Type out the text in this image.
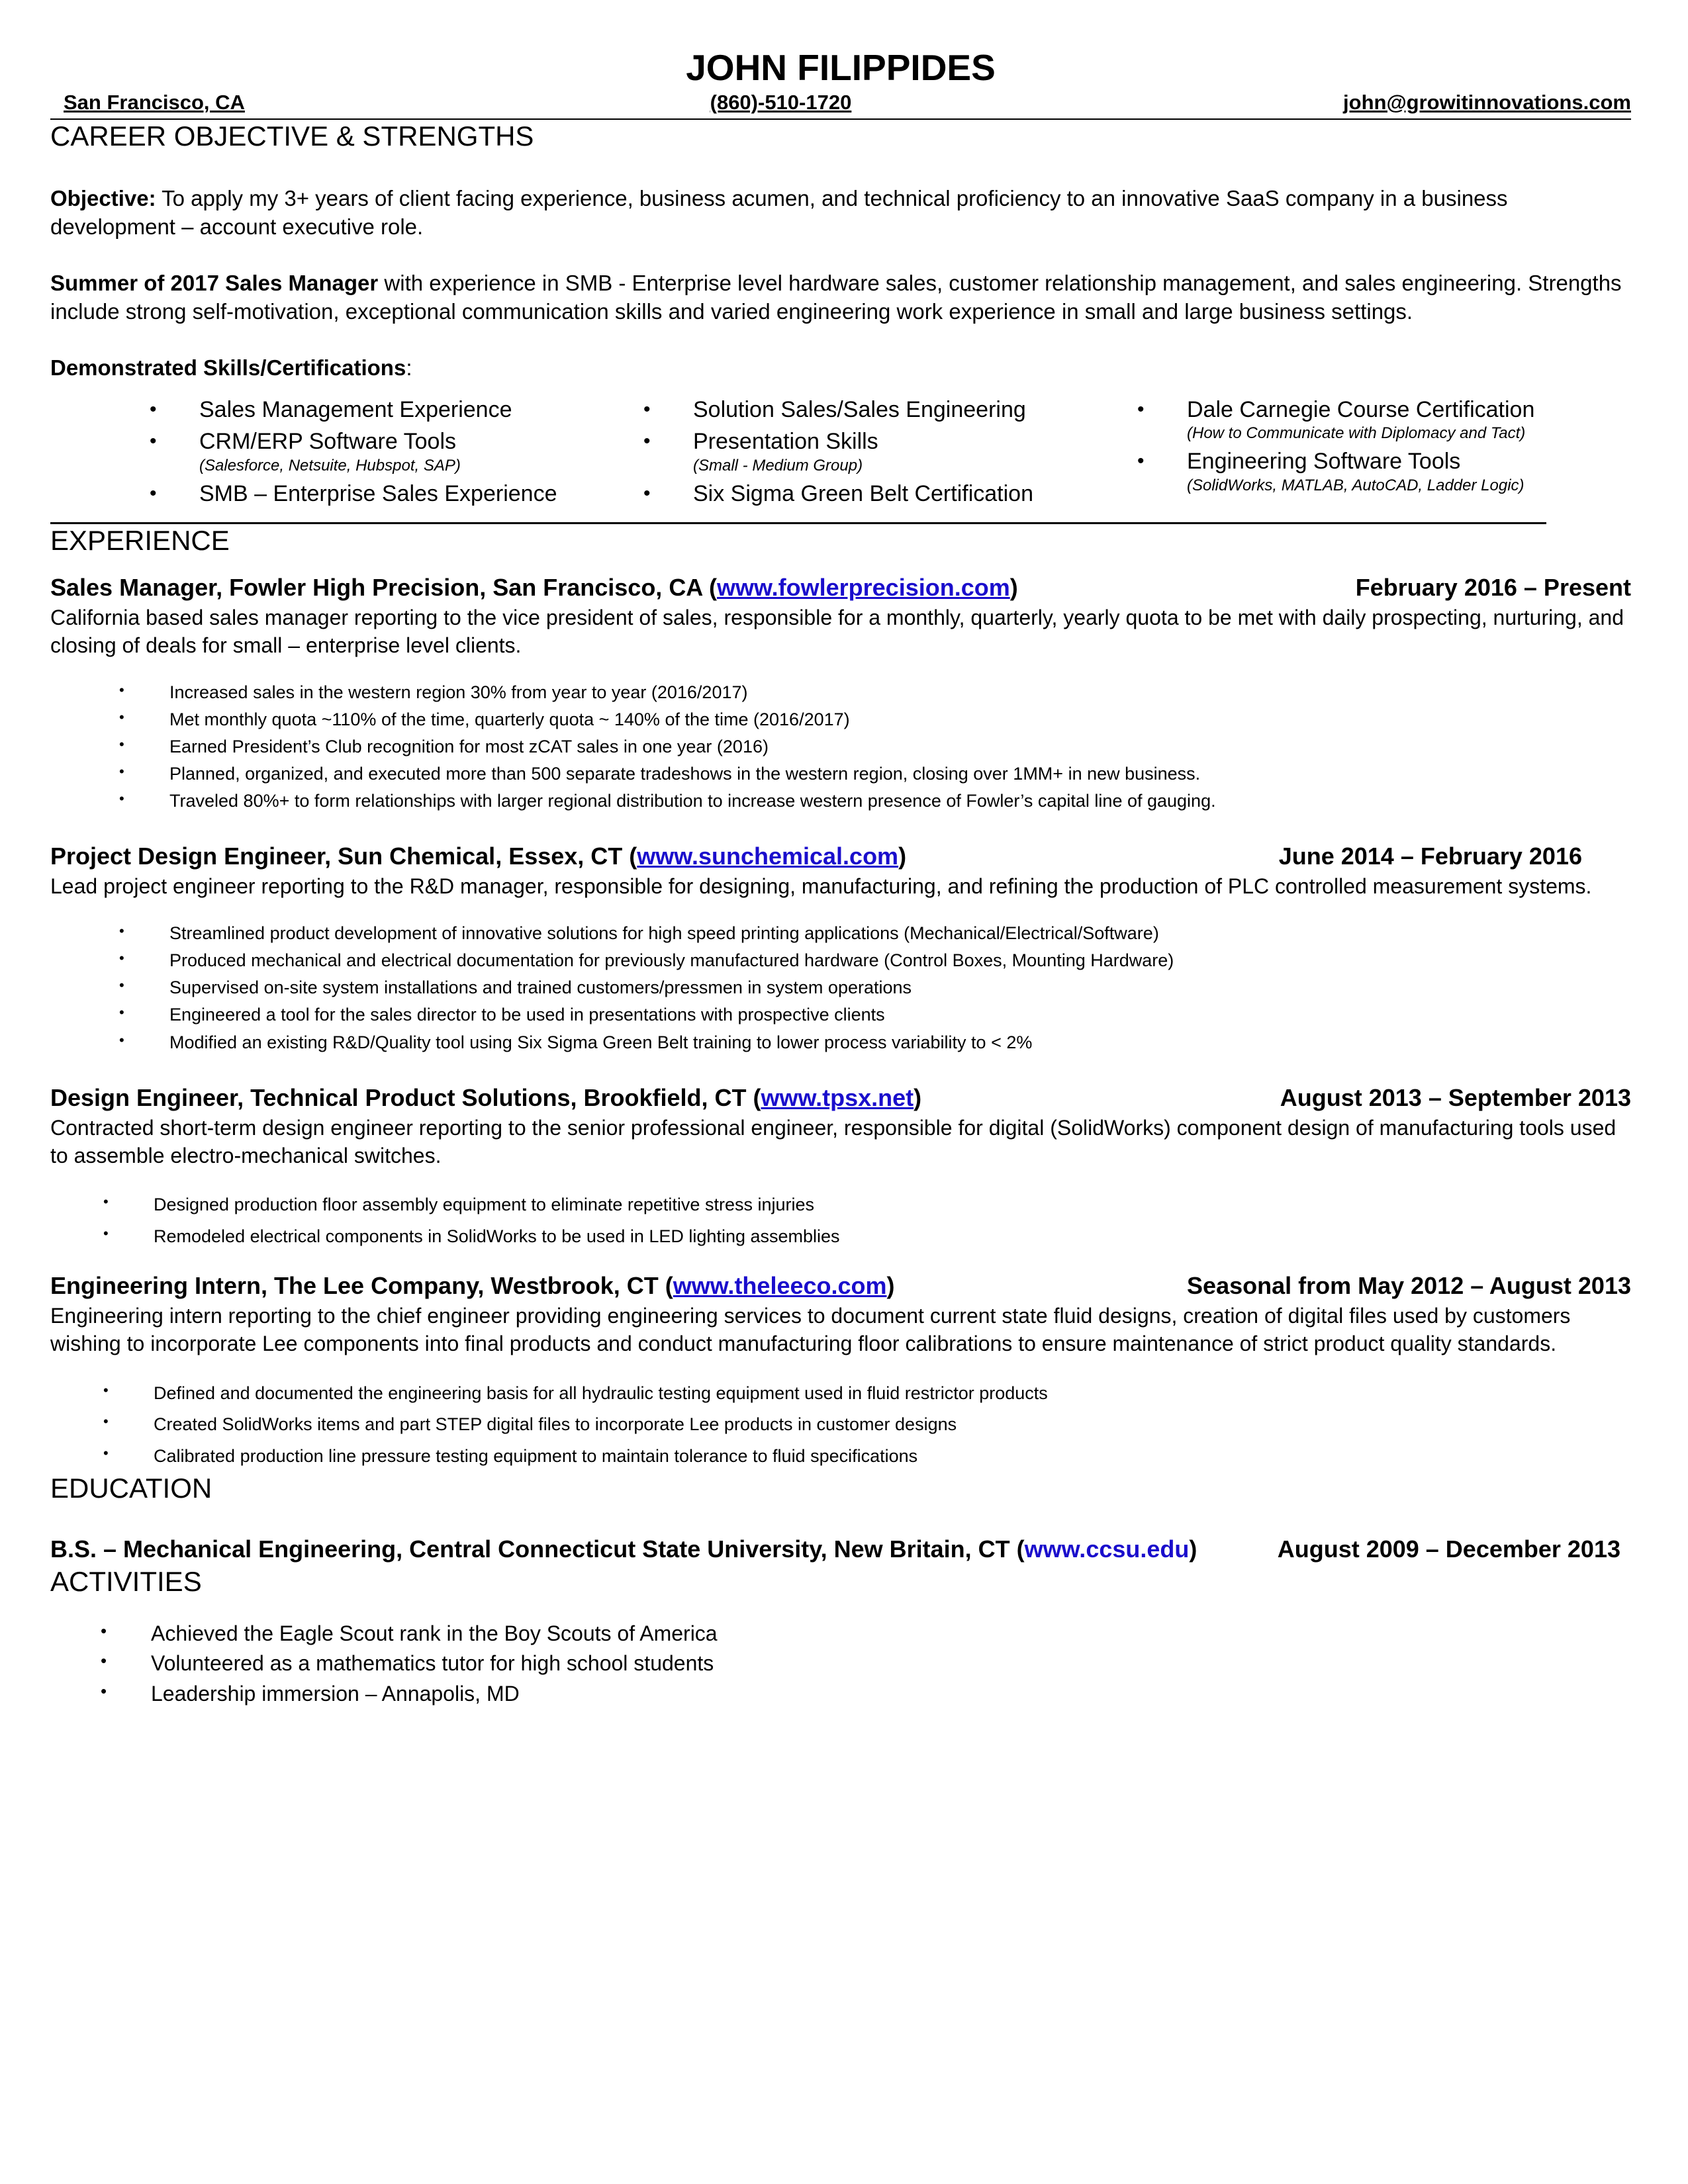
JOHN FILIPPIDES
San Francisco, CA	(860)-510-1720	john@growitinnovations.com
CAREER OBJECTIVE & STRENGTHS

Objective: To apply my 3+ years of client facing experience, business acumen, and technical proficiency to an innovative SaaS company in a business development – account executive role.

Summer of 2017 Sales Manager with experience in SMB - Enterprise level hardware sales, customer relationship management, and sales engineering. Strengths include strong self-motivation, exceptional communication skills and varied engineering work experience in small and large business settings.

Demonstrated Skills/Certifications:

•	Sales Management Experience
•	CRM/ERP Software Tools
(Salesforce, Netsuite, Hubspot, SAP)
•	SMB – Enterprise Sales Experience
•	Solution Sales/Sales Engineering
•	Presentation Skills
(Small - Medium Group)
•	Six Sigma Green Belt Certification
•	Dale Carnegie Course Certification
(How to Communicate with Diplomacy and Tact)
•	Engineering Software Tools
(SolidWorks, MATLAB, AutoCAD, Ladder Logic)
EXPERIENCE
Sales Manager, Fowler High Precision, San Francisco, CA (www.fowlerprecision.com)	February 2016 – Present

California based sales manager reporting to the vice president of sales, responsible for a monthly, quarterly, yearly quota to be met with daily prospecting, nurturing, and closing of deals for small – enterprise level clients.

•	Increased sales in the western region 30% from year to year (2016/2017)
•	Met monthly quota ~110% of the time, quarterly quota ~ 140% of the time (2016/2017)
•	Earned President’s Club recognition for most zCAT sales in one year (2016)
•	Planned, organized, and executed more than 500 separate tradeshows in the western region, closing over 1MM+ in new business.
•	Traveled 80%+ to form relationships with larger regional distribution to increase western presence of Fowler’s capital line of gauging.
Project Design Engineer, Sun Chemical, Essex, CT (www.sunchemical.com)	June 2014 – February 2016

Lead project engineer reporting to the R&D manager, responsible for designing, manufacturing, and refining the production of PLC controlled measurement systems.

•	Streamlined product development of innovative solutions for high speed printing applications (Mechanical/Electrical/Software)
•	Produced mechanical and electrical documentation for previously manufactured hardware (Control Boxes, Mounting Hardware)
•	Supervised on-site system installations and trained customers/pressmen in system operations
•	Engineered a tool for the sales director to be used in presentations with prospective clients
•	Modified an existing R&D/Quality tool using Six Sigma Green Belt training to lower process variability to < 2%
Design Engineer, Technical Product Solutions, Brookfield, CT (www.tpsx.net)	August 2013 – September 2013

Contracted short-term design engineer reporting to the senior professional engineer, responsible for digital (SolidWorks) component design of manufacturing tools used to assemble electro-mechanical switches.

•	Designed production floor assembly equipment to eliminate repetitive stress injuries
•	Remodeled electrical components in SolidWorks to be used in LED lighting assemblies
Engineering Intern, The Lee Company, Westbrook, CT (www.theleeco.com)	Seasonal from May 2012 – August 2013

Engineering intern reporting to the chief engineer providing engineering services to document current state fluid designs, creation of digital files used by customers wishing to incorporate Lee components into final products and conduct manufacturing floor calibrations to ensure maintenance of strict product quality standards.

•	Defined and documented the engineering basis for all hydraulic testing equipment used in fluid restrictor products
•	Created SolidWorks items and part STEP digital files to incorporate Lee products in customer designs
•	Calibrated production line pressure testing equipment to maintain tolerance to fluid specifications
EDUCATION
B.S. – Mechanical Engineering, Central Connecticut State University, New Britain, CT (www.ccsu.edu)	August 2009 – December 2013
ACTIVITIES
•	Achieved the Eagle Scout rank in the Boy Scouts of America
•	Volunteered as a mathematics tutor for high school students
•	Leadership immersion – Annapolis, MD
